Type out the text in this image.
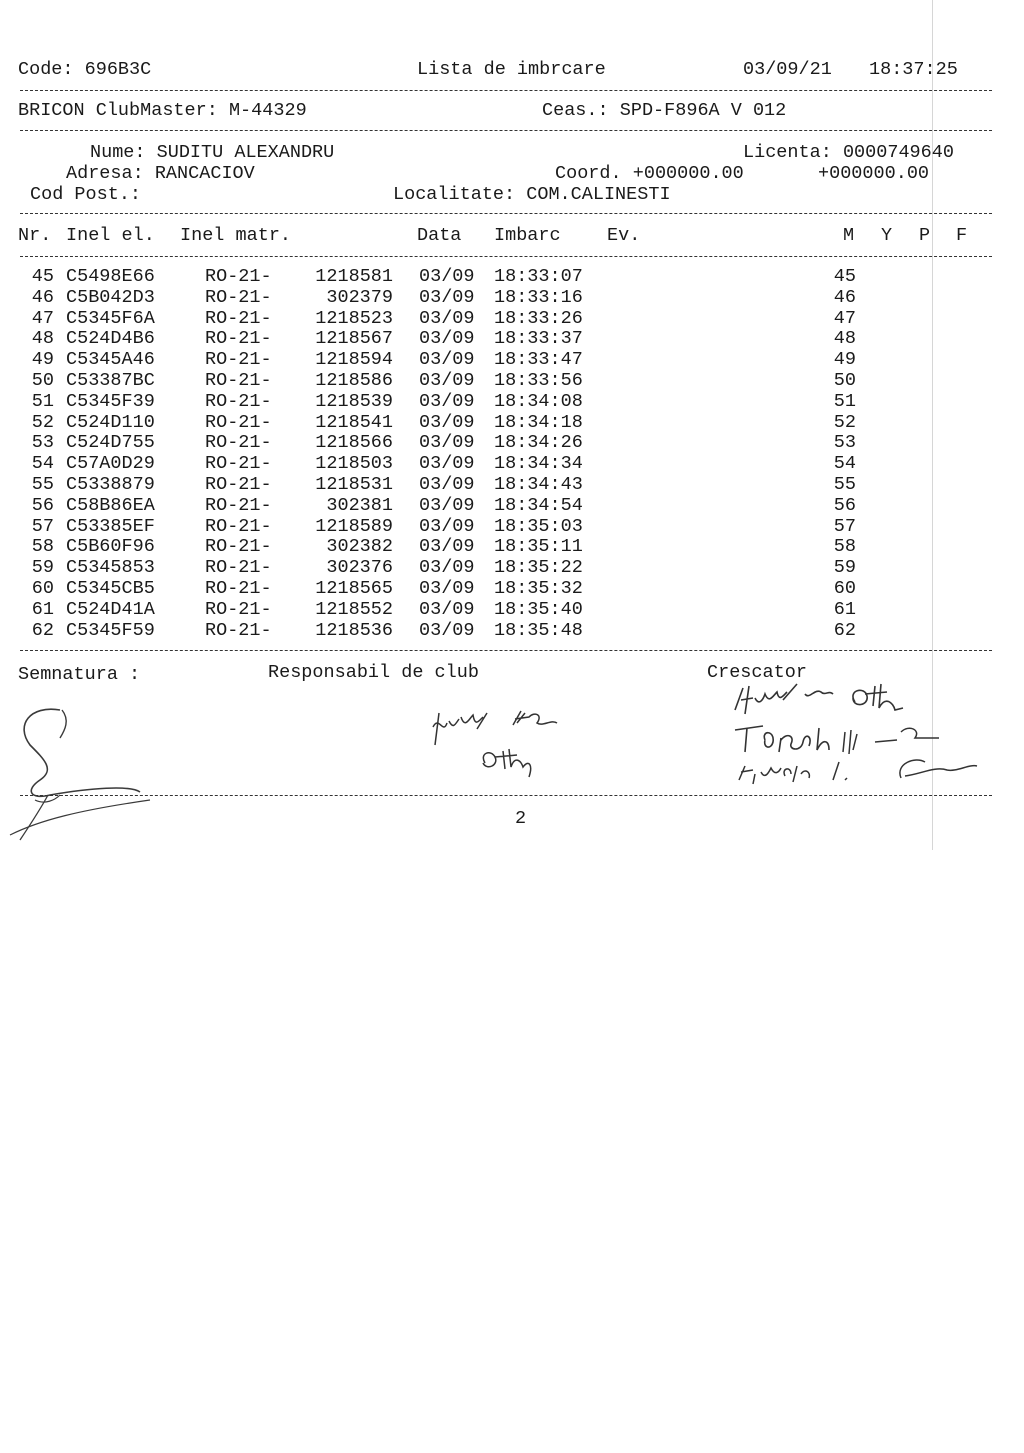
Code: 696B3C	Lista de imbrcare	03/09/21 18:37:25
BRICON ClubMaster: M-44329	Ceas.: SPD-F896A V 012
Nume: SUDITU ALEXANDRU	Licenta: 0000749640
Adresa: RANCACIOV	Coord. +000000.00	+000000.00
Cod Post.:	Localitate: COM.CALINESTI
Nr. Inel el. Inel matr.	Data Imbarc	Ev.	M Y P F
45 C5498E66	RO-21-	1218581 03/09	18:33:07	45
46 C5B042D3	RO-21-	302379 03/09	18:33:16	46
47 C5345F6A	RO-21-	1218523 03/09	18:33:26	47
48 C524D4B6	RO-21-	1218567 03/09	18:33:37	48
49 C5345A46	RO-21-	1218594 03/09	18:33:47	49
50 C53387BC	RO-21-	1218586 03/09	18:33:56	50
51 C5345F39	RO-21-	1218539 03/09	18:34:08	51
52 C524D110	RO-21-	1218541 03/09	18:34:18	52
53 C524D755	RO-21-	1218566 03/09	18:34:26	53
54 C57A0D29	RO-21-	1218503 03/09	18:34:34	54
55 C5338879	RO-21-	1218531 03/09	18:34:43	55
56 C58B86EA	RO-21-	302381 03/09	18:34:54	56
57 C53385EF	RO-21-	1218589 03/09	18:35:03	57
58 C5B60F96	RO-21-	302382 03/09	18:35:11	58
59 C5345853	RO-21-	302376 03/09	18:35:22	59
60 C5345CB5	RO-21-	1218565 03/09	18:35:32	60
61 C524D41A	RO-21-	1218552 03/09	18:35:40	61
62 C5345F59	RO-21-	1218536 03/09	18:35:48	62
Semnatura :	Responsabil de club	Crescator
2
